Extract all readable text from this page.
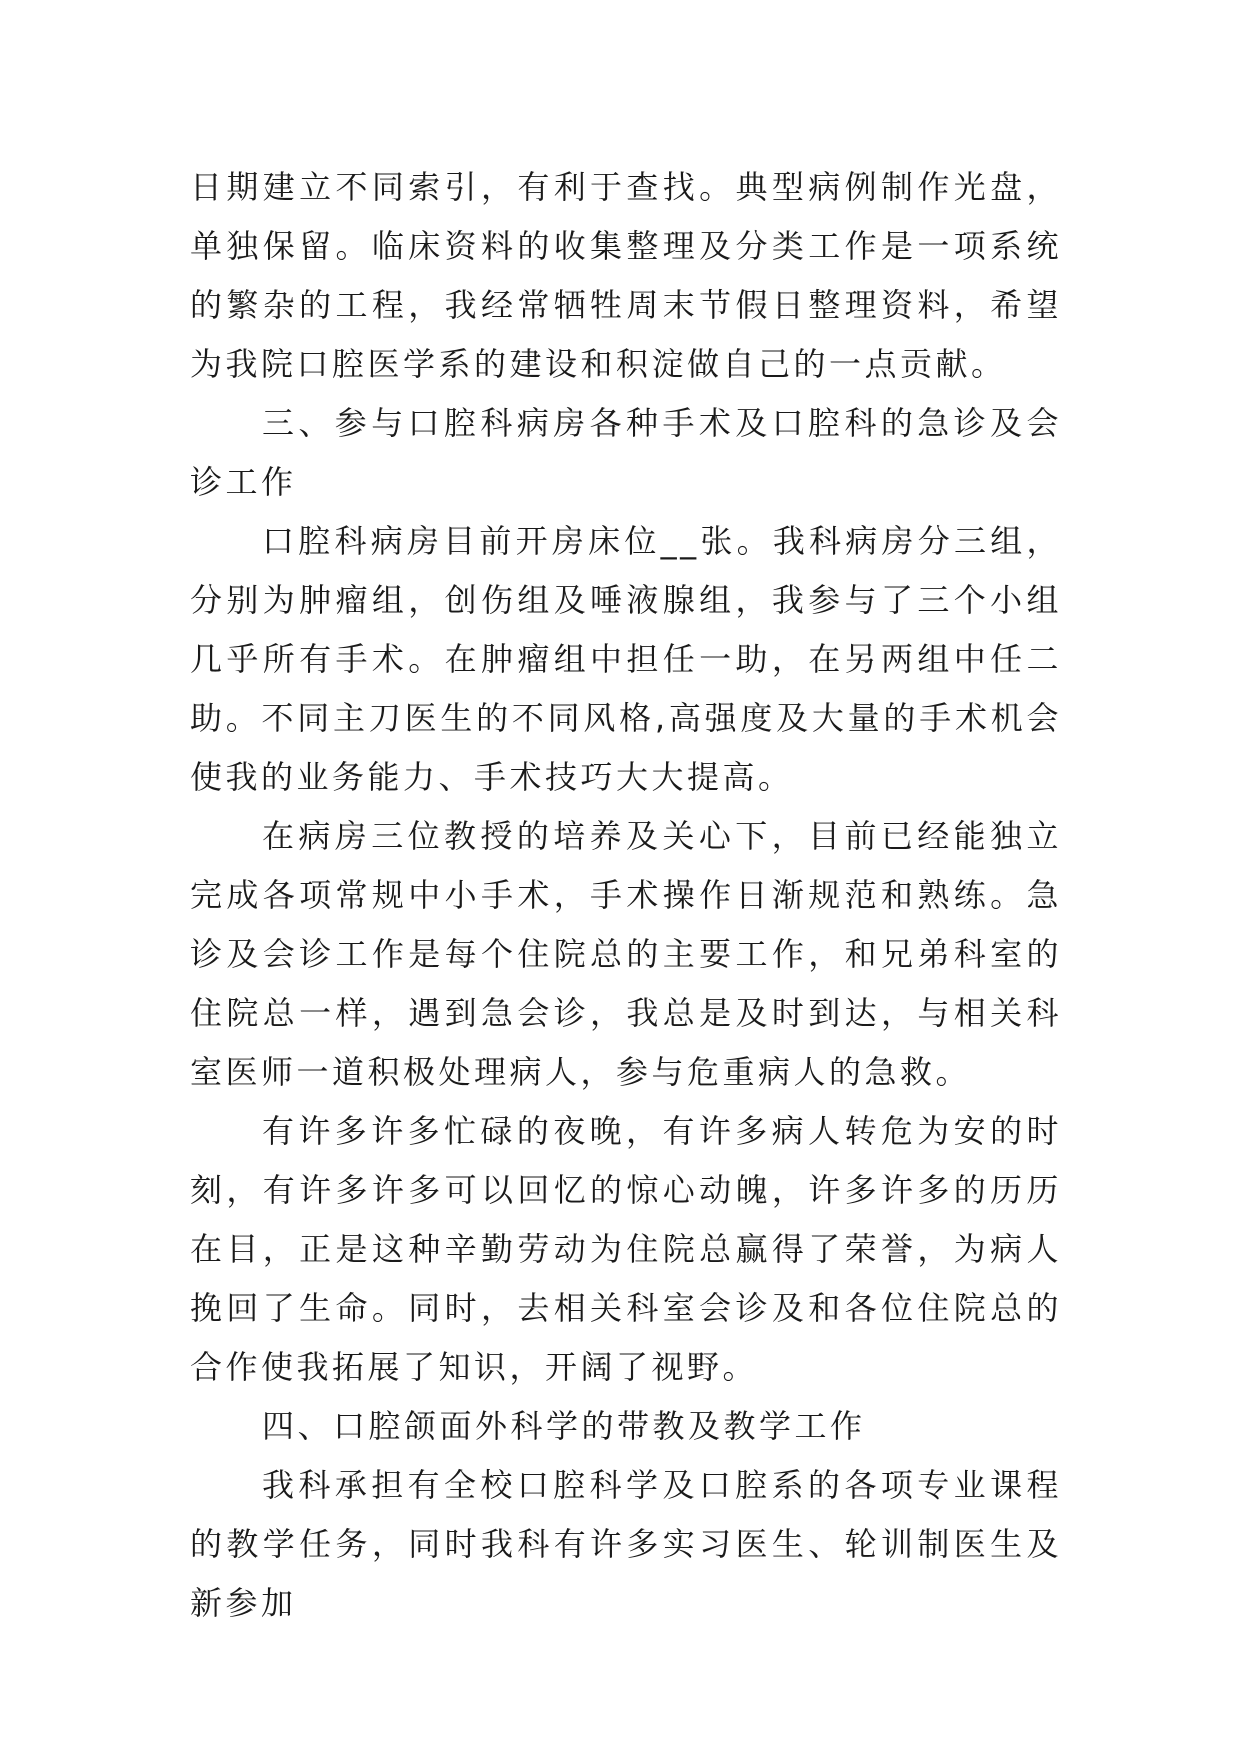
日期建立不同索引，有利于查找。典型病例制作光盘，单独保留。临床资料的收集整理及分类工作是一项系统的繁杂的工程，我经常牺牲周末节假日整理资料，希望为我院口腔医学系的建设和积淀做自己的一点贡献。

三、参与口腔科病房各种手术及口腔科的急诊及会诊工作

口腔科病房目前开房床位__张。我科病房分三组，分别为肿瘤组，创伤组及唾液腺组，我参与了三个小组几乎所有手术。在肿瘤组中担任一助，在另两组中任二助。不同主刀医生的不同风格,高强度及大量的手术机会使我的业务能力、手术技巧大大提高。

在病房三位教授的培养及关心下，目前已经能独立完成各项常规中小手术，手术操作日渐规范和熟练。急诊及会诊工作是每个住院总的主要工作，和兄弟科室的住院总一样，遇到急会诊，我总是及时到达，与相关科室医师一道积极处理病人，参与危重病人的急救。

有许多许多忙碌的夜晚，有许多病人转危为安的时刻，有许多许多可以回忆的惊心动魄，许多许多的历历在目，正是这种辛勤劳动为住院总赢得了荣誉，为病人挽回了生命。同时，去相关科室会诊及和各位住院总的合作使我拓展了知识，开阔了视野。

四、口腔颌面外科学的带教及教学工作

我科承担有全校口腔科学及口腔系的各项专业课程的教学任务，同时我科有许多实习医生、轮训制医生及新参加
